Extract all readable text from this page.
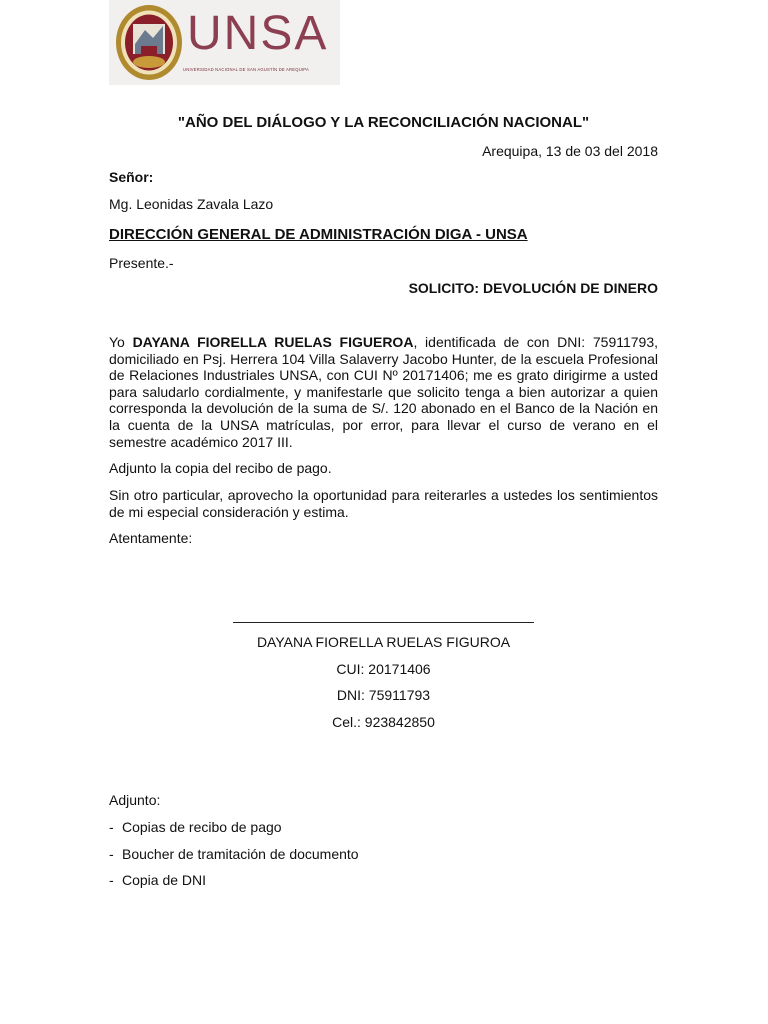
UNSA
UNIVERSIDAD NACIONAL DE SAN AGUSTÍN DE AREQUIPA
"AÑO DEL DIÁLOGO Y LA RECONCILIACIÓN NACIONAL"
Arequipa, 13 de 03 del 2018
Señor:
Mg. Leonidas Zavala Lazo
DIRECCIÓN GENERAL DE ADMINISTRACIÓN DIGA - UNSA
Presente.-
SOLICITO: DEVOLUCIÓN DE DINERO
Yo DAYANA FIORELLA RUELAS FIGUEROA, identificada de con DNI: 75911793, domiciliado en Psj. Herrera 104 Villa Salaverry Jacobo Hunter, de la escuela Profesional de Relaciones Industriales UNSA, con CUI Nº 20171406; me es grato dirigirme a usted para saludarlo cordialmente, y manifestarle que solicito tenga a bien autorizar a quien corresponda la devolución de la suma de S/. 120 abonado en el Banco de la Nación en la cuenta de la UNSA matrículas, por error, para llevar el curso de verano en el semestre académico 2017 III.
Adjunto la copia del recibo de pago.
Sin otro particular, aprovecho la oportunidad para reiterarles a ustedes los sentimientos de mi especial consideración y estima.
Atentamente:
DAYANA FIORELLA RUELAS FIGUROA
CUI: 20171406
DNI: 75911793
Cel.: 923842850
Adjunto:
- Copias de recibo de pago
- Boucher de tramitación de documento
- Copia de DNI
